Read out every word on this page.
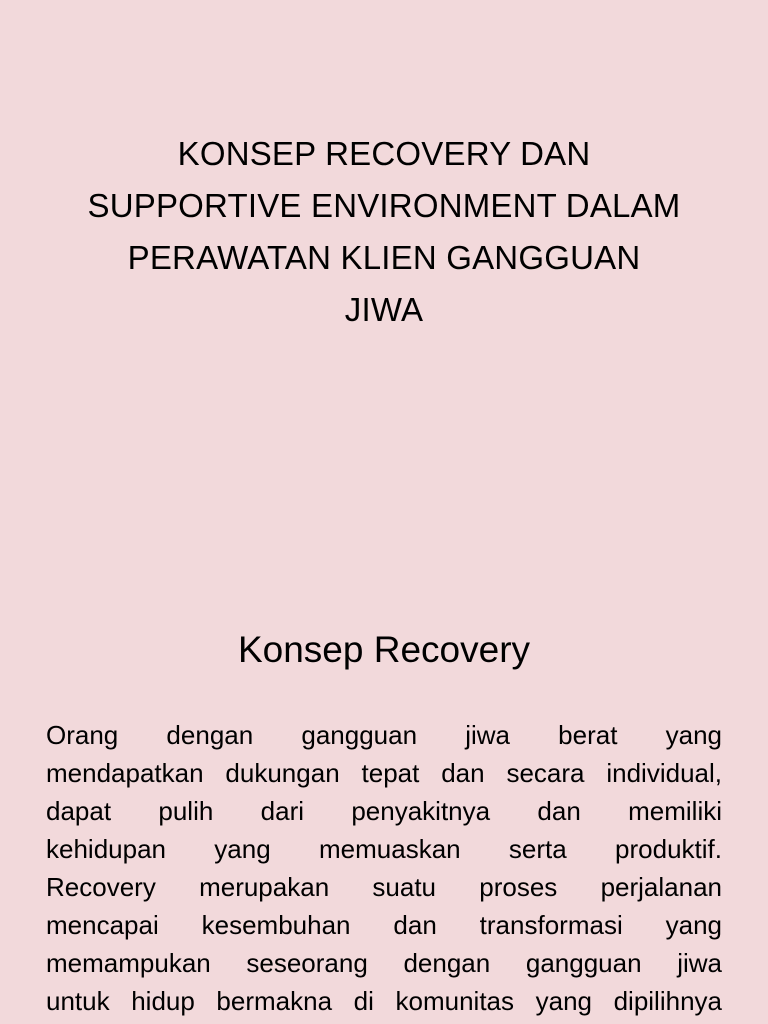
KONSEP RECOVERY DAN
SUPPORTIVE ENVIRONMENT DALAM
PERAWATAN KLIEN GANGGUAN
JIWA
Konsep Recovery
Orang dengan gangguan jiwa berat yang
mendapatkan dukungan tepat dan secara individual,
dapat pulih dari penyakitnya dan memiliki
kehidupan yang memuaskan serta produktif.
Recovery merupakan suatu proses perjalanan
mencapai kesembuhan dan transformasi yang
memampukan seseorang dengan gangguan jiwa
untuk hidup bermakna di komunitas yang dipilihnya
